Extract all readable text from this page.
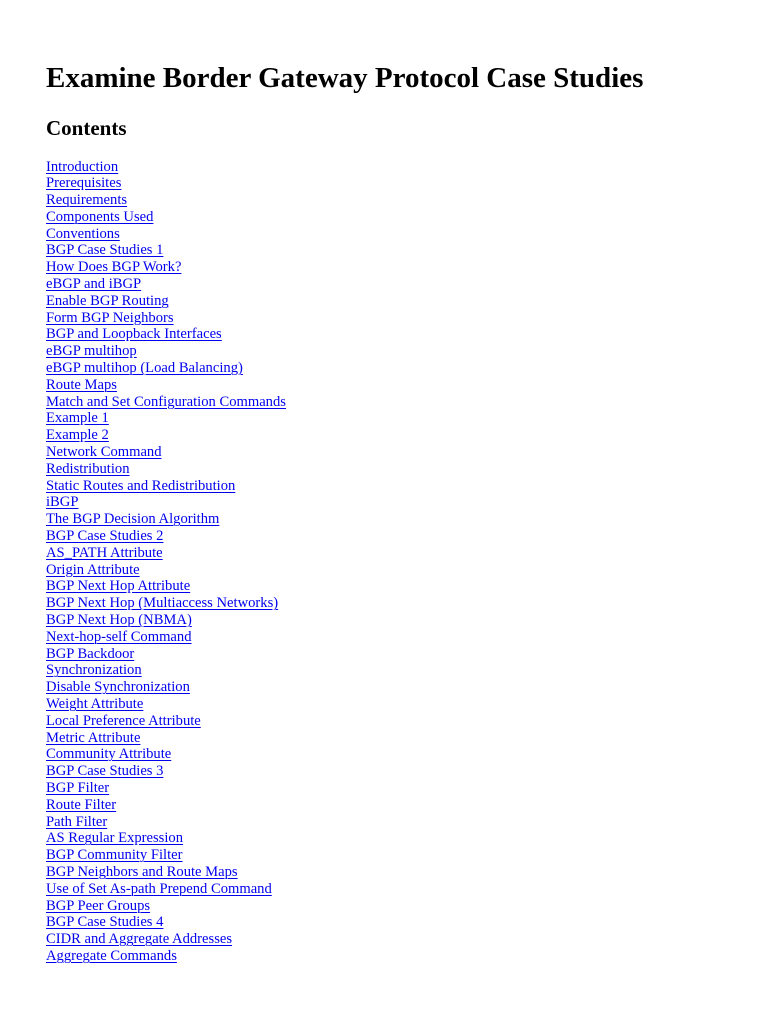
Examine Border Gateway Protocol Case Studies
Contents
Introduction
Prerequisites
Requirements
Components Used
Conventions
BGP Case Studies 1
How Does BGP Work?
eBGP and iBGP
Enable BGP Routing
Form BGP Neighbors
BGP and Loopback Interfaces
eBGP multihop
eBGP multihop (Load Balancing)
Route Maps
Match and Set Configuration Commands
Example 1
Example 2
Network Command
Redistribution
Static Routes and Redistribution
iBGP
The BGP Decision Algorithm
BGP Case Studies 2
AS_PATH Attribute
Origin Attribute
BGP Next Hop Attribute
BGP Next Hop (Multiaccess Networks)
BGP Next Hop (NBMA)
Next-hop-self Command
BGP Backdoor
Synchronization
Disable Synchronization
Weight Attribute
Local Preference Attribute
Metric Attribute
Community Attribute
BGP Case Studies 3
BGP Filter
Route Filter
Path Filter
AS Regular Expression
BGP Community Filter
BGP Neighbors and Route Maps
Use of Set As-path Prepend Command
BGP Peer Groups
BGP Case Studies 4
CIDR and Aggregate Addresses
Aggregate Commands
